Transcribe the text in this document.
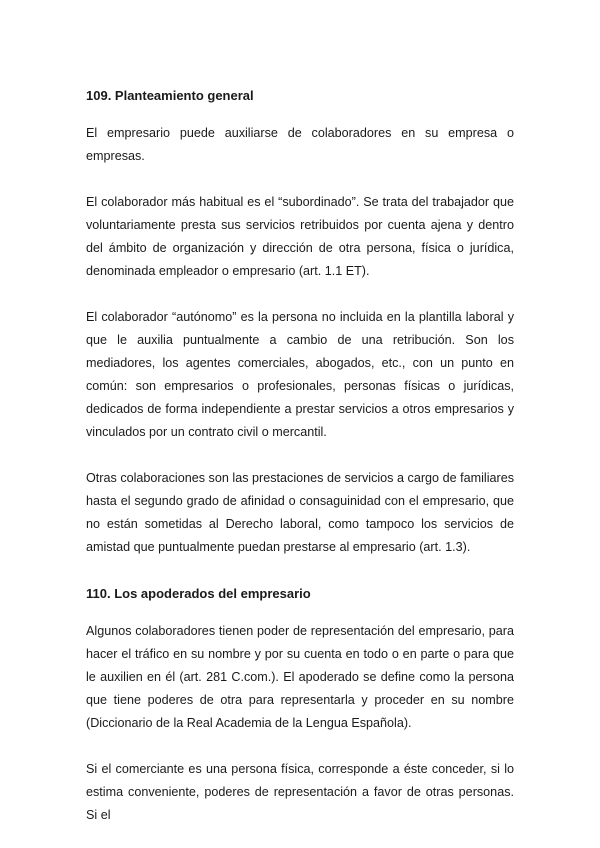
109. Planteamiento general

El empresario puede auxiliarse de colaboradores en su empresa o empresas.

El colaborador más habitual es el “subordinado”. Se trata del trabajador que voluntariamente presta sus servicios retribuidos por cuenta ajena y dentro del ámbito de organización y dirección de otra persona, física o jurídica, denominada empleador o empresario (art. 1.1 ET).

El colaborador “autónomo” es la persona no incluida en la plantilla laboral y que le auxilia puntualmente a cambio de una retribución. Son los mediadores, los agentes comerciales, abogados, etc., con un punto en común: son empresarios o profesionales, personas físicas o jurídicas, dedicados de forma independiente a prestar servicios a otros empresarios y vinculados por un contrato civil o mercantil.

Otras colaboraciones son las prestaciones de servicios a cargo de familiares hasta el segundo grado de afinidad o consaguinidad con el empresario, que no están sometidas al Derecho laboral, como tampoco los servicios de amistad que puntualmente puedan prestarse al empresario (art. 1.3).

110. Los apoderados del empresario

Algunos colaboradores tienen poder de representación del empresario, para hacer el tráfico en su nombre y por su cuenta en todo o en parte o para que le auxilien en él (art. 281 C.com.). El apoderado se define como la persona que tiene poderes de otra para representarla y proceder en su nombre (Diccionario de la Real Academia de la Lengua Española).

Si el comerciante es una persona física, corresponde a éste conceder, si lo estima conveniente, poderes de representación a favor de otras personas. Si el
